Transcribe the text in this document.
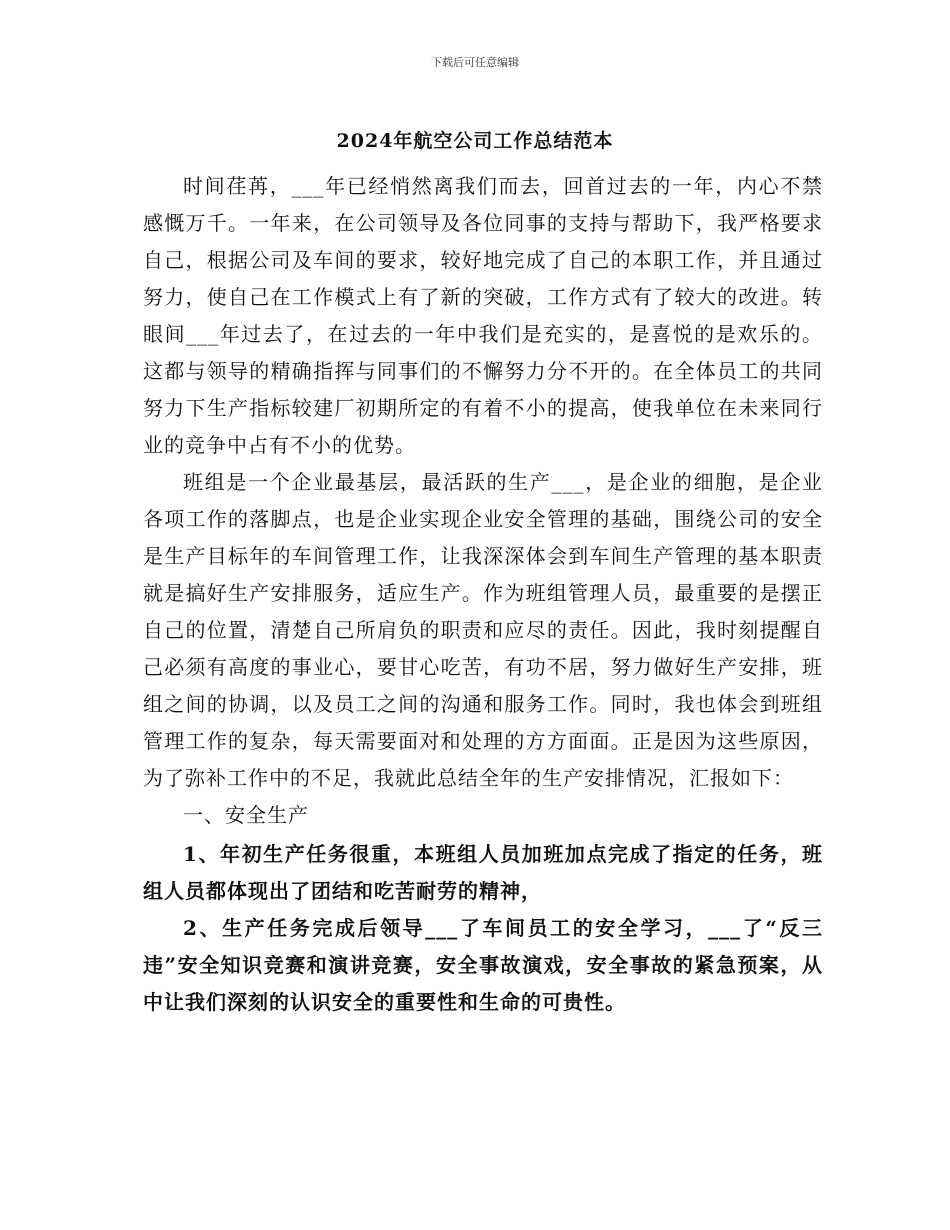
下载后可任意编辑
2024年航空公司工作总结范本

时间荏苒，___年已经悄然离我们而去，回首过去的一年，内心不禁感慨万千。一年来，在公司领导及各位同事的支持与帮助下，我严格要求自己，根据公司及车间的要求，较好地完成了自己的本职工作，并且通过努力，使自己在工作模式上有了新的突破，工作方式有了较大的改进。转眼间___年过去了，在过去的一年中我们是充实的，是喜悦的是欢乐的。这都与领导的精确指挥与同事们的不懈努力分不开的。在全体员工的共同努力下生产指标较建厂初期所定的有着不小的提高，使我单位在未来同行业的竞争中占有不小的优势。

班组是一个企业最基层，最活跃的生产___，是企业的细胞，是企业各项工作的落脚点，也是企业实现企业安全管理的基础，围绕公司的安全是生产目标年的车间管理工作，让我深深体会到车间生产管理的基本职责就是搞好生产安排服务，适应生产。作为班组管理人员，最重要的是摆正自己的位置，清楚自己所肩负的职责和应尽的责任。因此，我时刻提醒自己必须有高度的事业心，要甘心吃苦，有功不居，努力做好生产安排，班组之间的协调，以及员工之间的沟通和服务工作。同时，我也体会到班组管理工作的复杂，每天需要面对和处理的方方面面。正是因为这些原因，为了弥补工作中的不足，我就此总结全年的生产安排情况，汇报如下：

一、安全生产

1、年初生产任务很重，本班组人员加班加点完成了指定的任务，班组人员都体现出了团结和吃苦耐劳的精神，

2、生产任务完成后领导___了车间员工的安全学习，___了“反三违”安全知识竞赛和演讲竞赛，安全事故演戏，安全事故的紧急预案，从中让我们深刻的认识安全的重要性和生命的可贵性。
